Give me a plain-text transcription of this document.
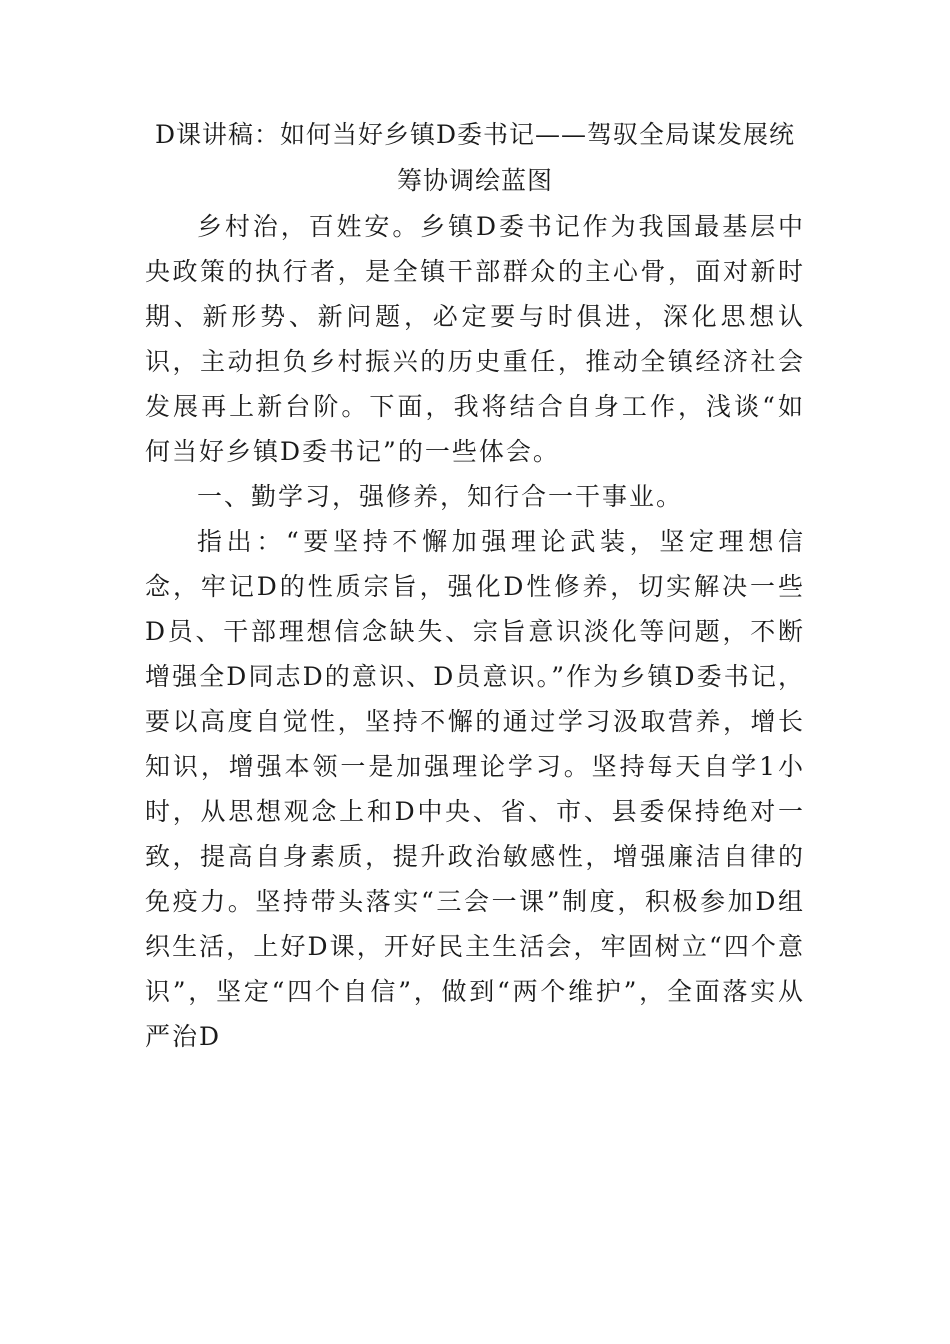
D课讲稿：如何当好乡镇D委书记——驾驭全局谋发展统筹协调绘蓝图

乡村治，百姓安。乡镇D委书记作为我国最基层中央政策的执行者，是全镇干部群众的主心骨，面对新时期、新形势、新问题，必定要与时俱进，深化思想认识，主动担负乡村振兴的历史重任，推动全镇经济社会发展再上新台阶。下面，我将结合自身工作，浅谈“如何当好乡镇D委书记”的一些体会。

一、勤学习，强修养，知行合一干事业。

指出：“要坚持不懈加强理论武装，坚定理想信念，牢记D的性质宗旨，强化D性修养，切实解决一些D员、干部理想信念缺失、宗旨意识淡化等问题，不断增强全D同志D的意识、D员意识。”作为乡镇D委书记，要以高度自觉性，坚持不懈的通过学习汲取营养，增长知识，增强本领一是加强理论学习。坚持每天自学1小时，从思想观念上和D中央、省、市、县委保持绝对一致，提高自身素质，提升政治敏感性，增强廉洁自律的免疫力。坚持带头落实“三会一课”制度，积极参加D组织生活，上好D课，开好民主生活会，牢固树立“四个意识”，坚定“四个自信”，做到“两个维护”，全面落实从严治D
